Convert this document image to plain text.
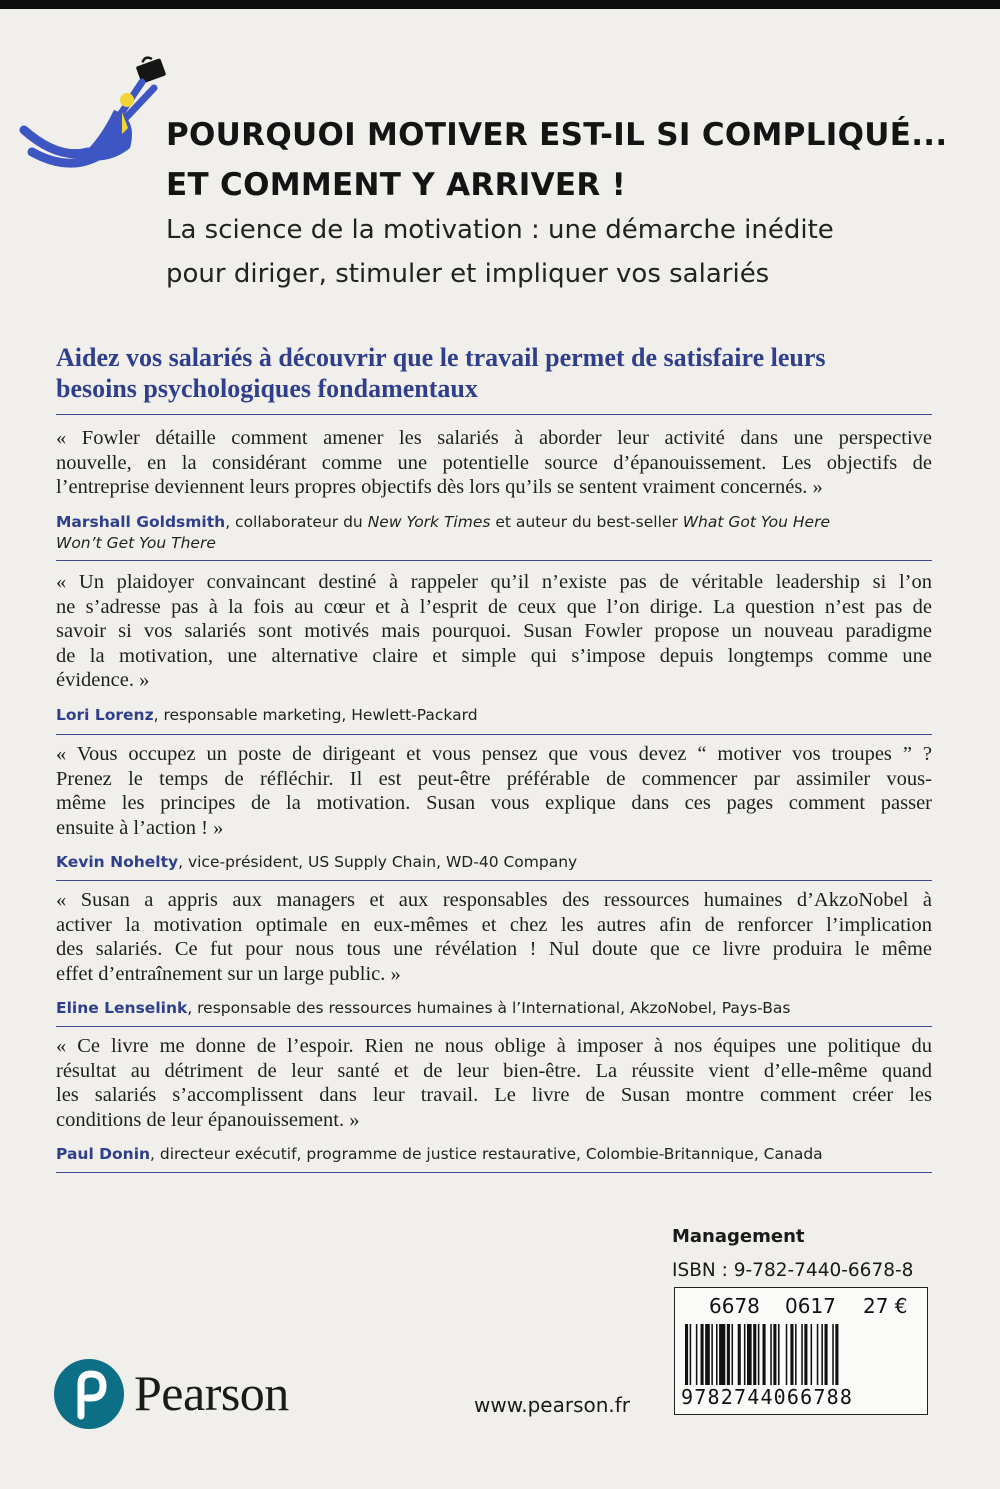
POURQUOI MOTIVER EST-IL SI COMPLIQUÉ...
ET COMMENT Y ARRIVER !
La science de la motivation : une démarche inédite
pour diriger, stimuler et impliquer vos salariés
Aidez vos salariés à découvrir que le travail permet de satisfaire leurs
besoins psychologiques fondamentaux
« Fowler détaille comment amener les salariés à aborder leur activité dans une perspective
nouvelle, en la considérant comme une potentielle source d’épanouissement. Les objectifs de
l’entreprise deviennent leurs propres objectifs dès lors qu’ils se sentent vraiment concernés. »
Marshall Goldsmith, collaborateur du New York Times et auteur du best-seller What Got You Here
Won’t Get You There
« Un plaidoyer convaincant destiné à rappeler qu’il n’existe pas de véritable leadership si l’on
ne s’adresse pas à la fois au cœur et à l’esprit de ceux que l’on dirige. La question n’est pas de
savoir si vos salariés sont motivés mais pourquoi. Susan Fowler propose un nouveau paradigme
de la motivation, une alternative claire et simple qui s’impose depuis longtemps comme une
évidence. »
Lori Lorenz, responsable marketing, Hewlett-Packard
« Vous occupez un poste de dirigeant et vous pensez que vous devez “ motiver vos troupes ” ?
Prenez le temps de réfléchir. Il est peut-être préférable de commencer par assimiler vous-
même les principes de la motivation. Susan vous explique dans ces pages comment passer
ensuite à l’action ! »
Kevin Nohelty, vice-président, US Supply Chain, WD-40 Company
« Susan a appris aux managers et aux responsables des ressources humaines d’AkzoNobel à
activer la motivation optimale en eux-mêmes et chez les autres afin de renforcer l’implication
des salariés. Ce fut pour nous tous une révélation ! Nul doute que ce livre produira le même
effet d’entraînement sur un large public. »
Eline Lenselink, responsable des ressources humaines à l’International, AkzoNobel, Pays-Bas
« Ce livre me donne de l’espoir. Rien ne nous oblige à imposer à nos équipes une politique du
résultat au détriment de leur santé et de leur bien-être. La réussite vient d’elle-même quand
les salariés s’accomplissent dans leur travail. Le livre de Susan montre comment créer les
conditions de leur épanouissement. »
Paul Donin, directeur exécutif, programme de justice restaurative, Colombie-Britannique, Canada
Management
ISBN : 9-782-7440-6678-8
6678 0617 27 €
9782744066788
Pearson	www.pearson.fr
